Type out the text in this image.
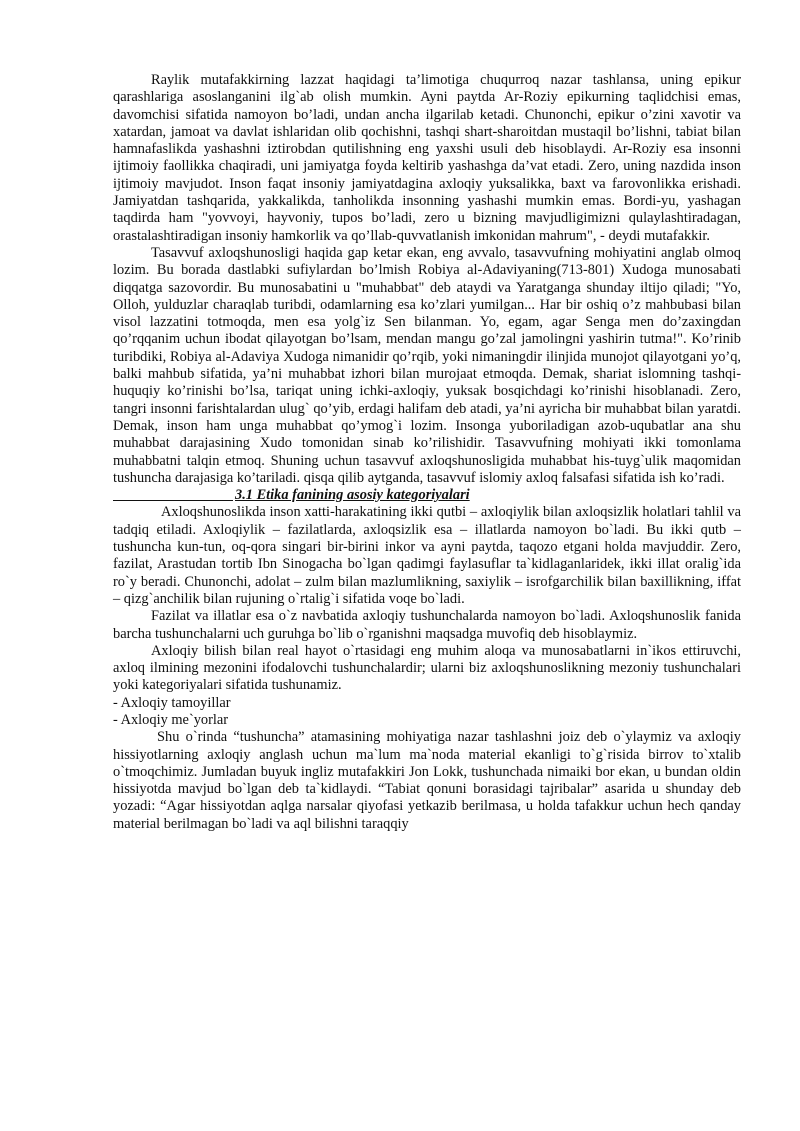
Raylik mutafakkirning lazzat haqidagi ta’limotiga chuqurroq nazar tashlansa, uning epikur qarashlariga asoslanganini ilg`ab olish mumkin. Ayni paytda Ar-Roziy epikurning taqlidchisi emas, davomchisi sifatida namoyon bo’ladi, undan ancha ilgarilab ketadi. Chunonchi, epikur o’zini xavotir va xatardan, jamoat va davlat ishlaridan olib qochishni, tashqi shart-sharoitdan mustaqil bo’lishni, tabiat bilan hamnafaslikda yashashni iztirobdan qutilishning eng yaxshi usuli deb hisoblaydi. Ar-Roziy esa insonni ijtimoiy faollikka chaqiradi, uni jamiyatga foyda keltirib yashashga da’vat etadi. Zero, uning nazdida inson ijtimoiy mavjudot. Inson faqat insoniy jamiyatdagina axloqiy yuksalikka, baxt va farovonlikka erishadi. Jamiyatdan tashqarida, yakkalikda, tanholikda insonning yashashi mumkin emas. Bordi-yu, yashagan taqdirda ham "yovvoyi, hayvoniy, tupos bo’ladi, zero u bizning mavjudligimizni qulaylashtiradagan, orastalashtiradigan insoniy hamkorlik va qo’llab-quvvatlanish imkonidan mahrum", - deydi mutafakkir.

Tasavvuf axloqshunosligi haqida gap ketar ekan, eng avvalo, tasavvufning mohiyatini anglab olmoq lozim. Bu borada dastlabki sufiylardan bo’lmish Robiya al-Adaviyaning(713-801) Xudoga munosabati diqqatga sazovordir. Bu munosabatini u "muhabbat" deb ataydi va Yaratganga shunday iltijo qiladi; "Yo, Olloh, yulduzlar charaqlab turibdi, odamlarning esa ko’zlari yumilgan... Har bir oshiq o’z mahbubasi bilan visol lazzatini totmoqda, men esa yolg`iz Sen bilanman. Yo, egam, agar Senga men do’zaxingdan qo’rqqanim uchun ibodat qilayotgan bo’lsam, mendan mangu go’zal jamolingni yashirin tutma!". Ko’rinib turibdiki, Robiya al-Adaviya Xudoga nimanidir qo’rqib, yoki nimaningdir ilinjida munojot qilayotgani yo’q, balki mahbub sifatida, ya’ni muhabbat izhori bilan murojaat etmoqda. Demak, shariat islomning tashqi-huquqiy ko’rinishi bo’lsa, tariqat uning ichki-axloqiy, yuksak bosqichdagi ko’rinishi hisoblanadi. Zero, tangri insonni farishtalardan ulug` qo’yib, erdagi halifam deb atadi, ya’ni ayricha bir muhabbat bilan yaratdi. Demak, inson ham unga muhabbat qo’ymog`i lozim. Insonga yuboriladigan azob-uqubatlar ana shu muhabbat darajasining Xudo tomonidan sinab ko’rilishidir. Tasavvufning mohiyati ikki tomonlama muhabbatni talqin etmoq. Shuning uchun tasavvuf axloqshunosligida muhabbat his-tuyg`ulik maqomidan tushuncha darajasiga ko’tariladi. qisqa qilib aytganda, tasavvuf islomiy axloq falsafasi sifatida ish ko’radi.

3.1 Etika fanining asosiy kategoriyalari

Axloqshunoslikda inson xatti-harakatining ikki qutbi – axloqiylik bilan axloqsizlik holatlari tahlil va tadqiq etiladi. Axloqiylik – fazilatlarda, axloqsizlik esa – illatlarda namoyon bo`ladi. Bu ikki qutb – tushuncha kun-tun, oq-qora singari bir-birini inkor va ayni paytda, taqozo etgani holda mavjuddir. Zero, fazilat, Arastudan tortib Ibn Sinogacha bo`lgan qadimgi faylasuflar ta`kidlaganlaridek, ikki illat oralig`ida ro`y beradi. Chunonchi, adolat – zulm bilan mazlumlikning, saxiylik – isrofgarchilik bilan baxillikning, iffat – qizg`anchilik bilan rujuning o`rtalig`i sifatida voqe bo`ladi.

Fazilat va illatlar esa o`z navbatida axloqiy tushunchalarda namoyon bo`ladi. Axloqshunoslik fanida barcha tushunchalarni uch guruhga bo`lib o`rganishni maqsadga muvofiq deb hisoblaymiz.

Axloqiy bilish bilan real hayot o`rtasidagi eng muhim aloqa va munosabatlarni in`ikos ettiruvchi, axloq ilmining mezonini ifodalovchi tushunchalardir; ularni biz axloqshunoslikning mezoniy tushunchalari yoki kategoriyalari sifatida tushunamiz.

- Axloqiy tamoyillar

- Axloqiy me`yorlar

Shu o`rinda “tushuncha” atamasining mohiyatiga nazar tashlashni joiz deb o`ylaymiz va axloqiy hissiyotlarning axloqiy anglash uchun ma`lum ma`noda material ekanligi to`g`risida birrov to`xtalib o`tmoqchimiz. Jumladan buyuk ingliz mutafakkiri Jon Lokk, tushunchada nimaiki bor ekan, u bundan oldin hissiyotda mavjud bo`lgan deb ta`kidlaydi. “Tabiat qonuni borasidagi tajribalar” asarida u shunday deb yozadi: “Agar hissiyotdan aqlga narsalar qiyofasi yetkazib berilmasa, u holda tafakkur uchun hech qanday material berilmagan bo`ladi va aql bilishni taraqqiy
